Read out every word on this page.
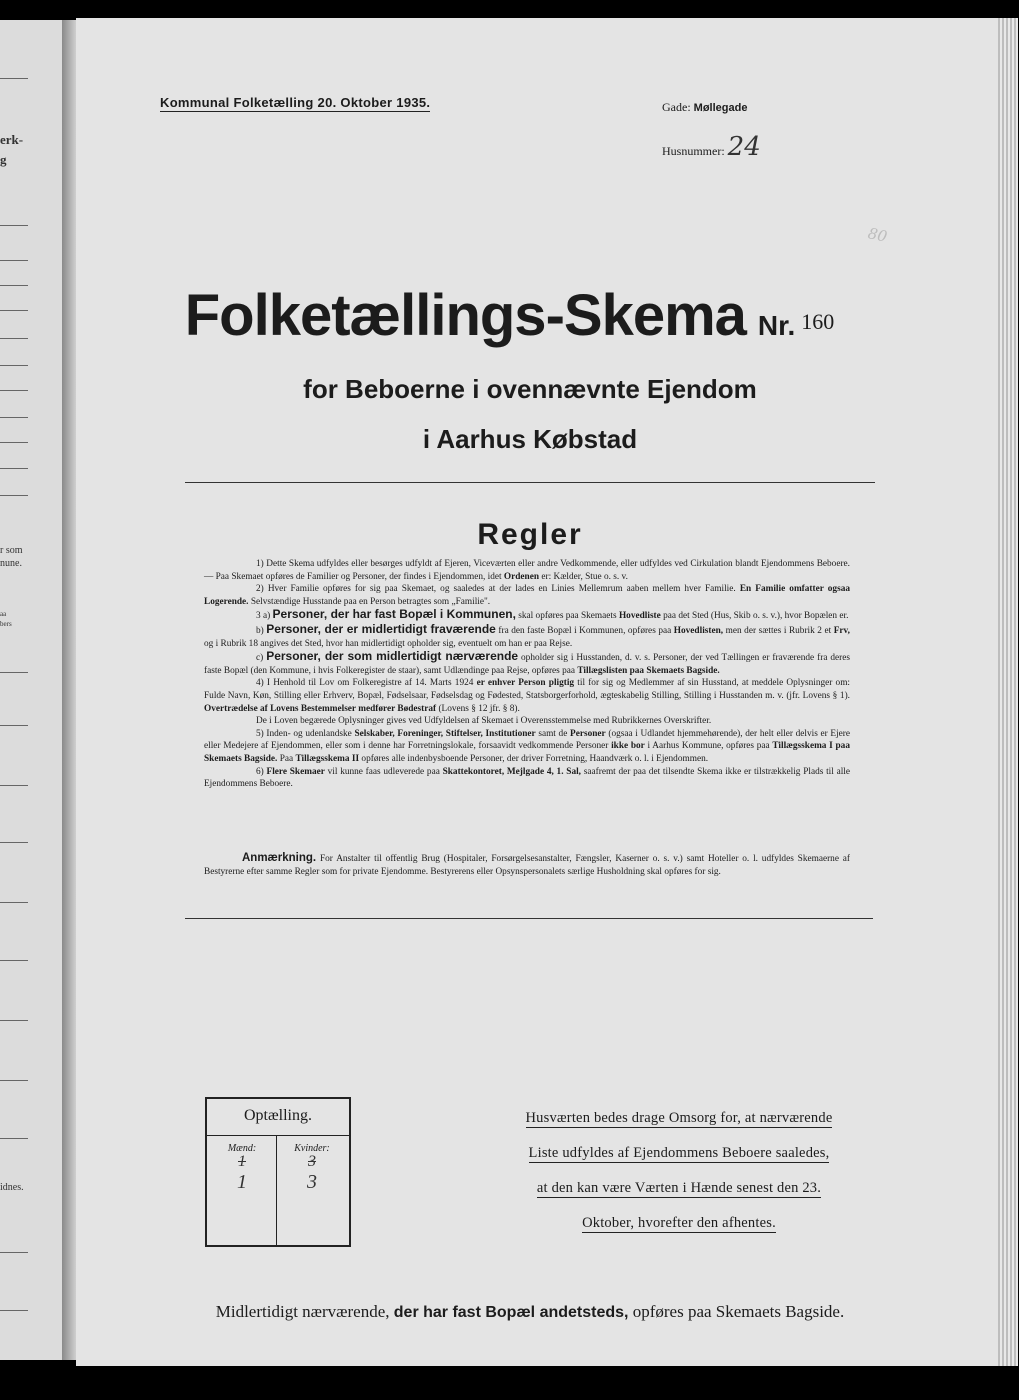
erk-
g
r som
nune.
aa
bers
idnes.
Kommunal Folketælling 20. Oktober 1935.	Gade: Møllegade
Husnummer: 24
80
Folketællings-Skema Nr. 160
for Beboerne i ovennævnte Ejendom
i Aarhus Købstad
Regler

1) Dette Skema udfyldes eller besørges udfyldt af Ejeren, Viceværten eller andre Vedkommende, eller udfyldes ved Cirkulation blandt Ejendommens Beboere. — Paa Skemaet opføres de Familier og Personer, der findes i Ejendommen, idet Ordenen er: Kælder, Stue o. s. v.

2) Hver Familie opføres for sig paa Skemaet, og saaledes at der lades en Linies Mellemrum aaben mellem hver Familie. En Familie omfatter ogsaa Logerende. Selvstændige Husstande paa en Person betragtes som „Familie".

3 a) Personer, der har fast Bopæl i Kommunen, skal opføres paa Skemaets Hovedliste paa det Sted (Hus, Skib o. s. v.), hvor Bopælen er.

b) Personer, der er midlertidigt fraværende fra den faste Bopæl i Kommunen, opføres paa Hovedlisten, men der sættes i Rubrik 2 et Frv, og i Rubrik 18 angives det Sted, hvor han midlertidigt opholder sig, eventuelt om han er paa Rejse.

c) Personer, der som midlertidigt nærværende opholder sig i Husstanden, d. v. s. Personer, der ved Tællingen er fraværende fra deres faste Bopæl (den Kommune, i hvis Folkeregister de staar), samt Udlændinge paa Rejse, opføres paa Tillægslisten paa Skemaets Bagside.

4) I Henhold til Lov om Folkeregistre af 14. Marts 1924 er enhver Person pligtig til for sig og Medlemmer af sin Husstand, at meddele Oplysninger om: Fulde Navn, Køn, Stilling eller Erhverv, Bopæl, Fødselsaar, Fødselsdag og Fødested, Statsborgerforhold, ægteskabelig Stilling, Stilling i Husstanden m. v. (jfr. Lovens § 1). Overtrædelse af Lovens Bestemmelser medfører Bødestraf (Lovens § 12 jfr. § 8).

De i Loven begærede Oplysninger gives ved Udfyldelsen af Skemaet i Overensstemmelse med Rubrikkernes Overskrifter.

5) Inden- og udenlandske Selskaber, Foreninger, Stiftelser, Institutioner samt de Personer (ogsaa i Udlandet hjemmehørende), der helt eller delvis er Ejere eller Medejere af Ejendommen, eller som i denne har Forretningslokale, forsaavidt vedkommende Personer ikke bor i Aarhus Kommune, opføres paa Tillægsskema I paa Skemaets Bagside. Paa Tillægsskema II opføres alle indenbysboende Personer, der driver Forretning, Haandværk o. l. i Ejendommen.

6) Flere Skemaer vil kunne faas udleverede paa Skattekontoret, Mejlgade 4, 1. Sal, saafremt der paa det tilsendte Skema ikke er tilstrækkelig Plads til alle Ejendommens Beboere.

Anmærkning. For Anstalter til offentlig Brug (Hospitaler, Forsørgelsesanstalter, Fængsler, Kaserner o. s. v.) samt Hoteller o. l. udfyldes Skemaerne af Bestyrerne efter samme Regler som for private Ejendomme. Bestyrerens eller Opsynspersonalets særlige Husholdning skal opføres for sig.

Optælling.
Mænd:	Kvinder:
1	3
1	3
Husværten bedes drage Omsorg for, at nærværende
Liste udfyldes af Ejendommens Beboere saaledes,
at den kan være Værten i Hænde senest den 23.
Oktober, hvorefter den afhentes.
Midlertidigt nærværende, der har fast Bopæl andetsteds, opføres paa Skemaets Bagside.
